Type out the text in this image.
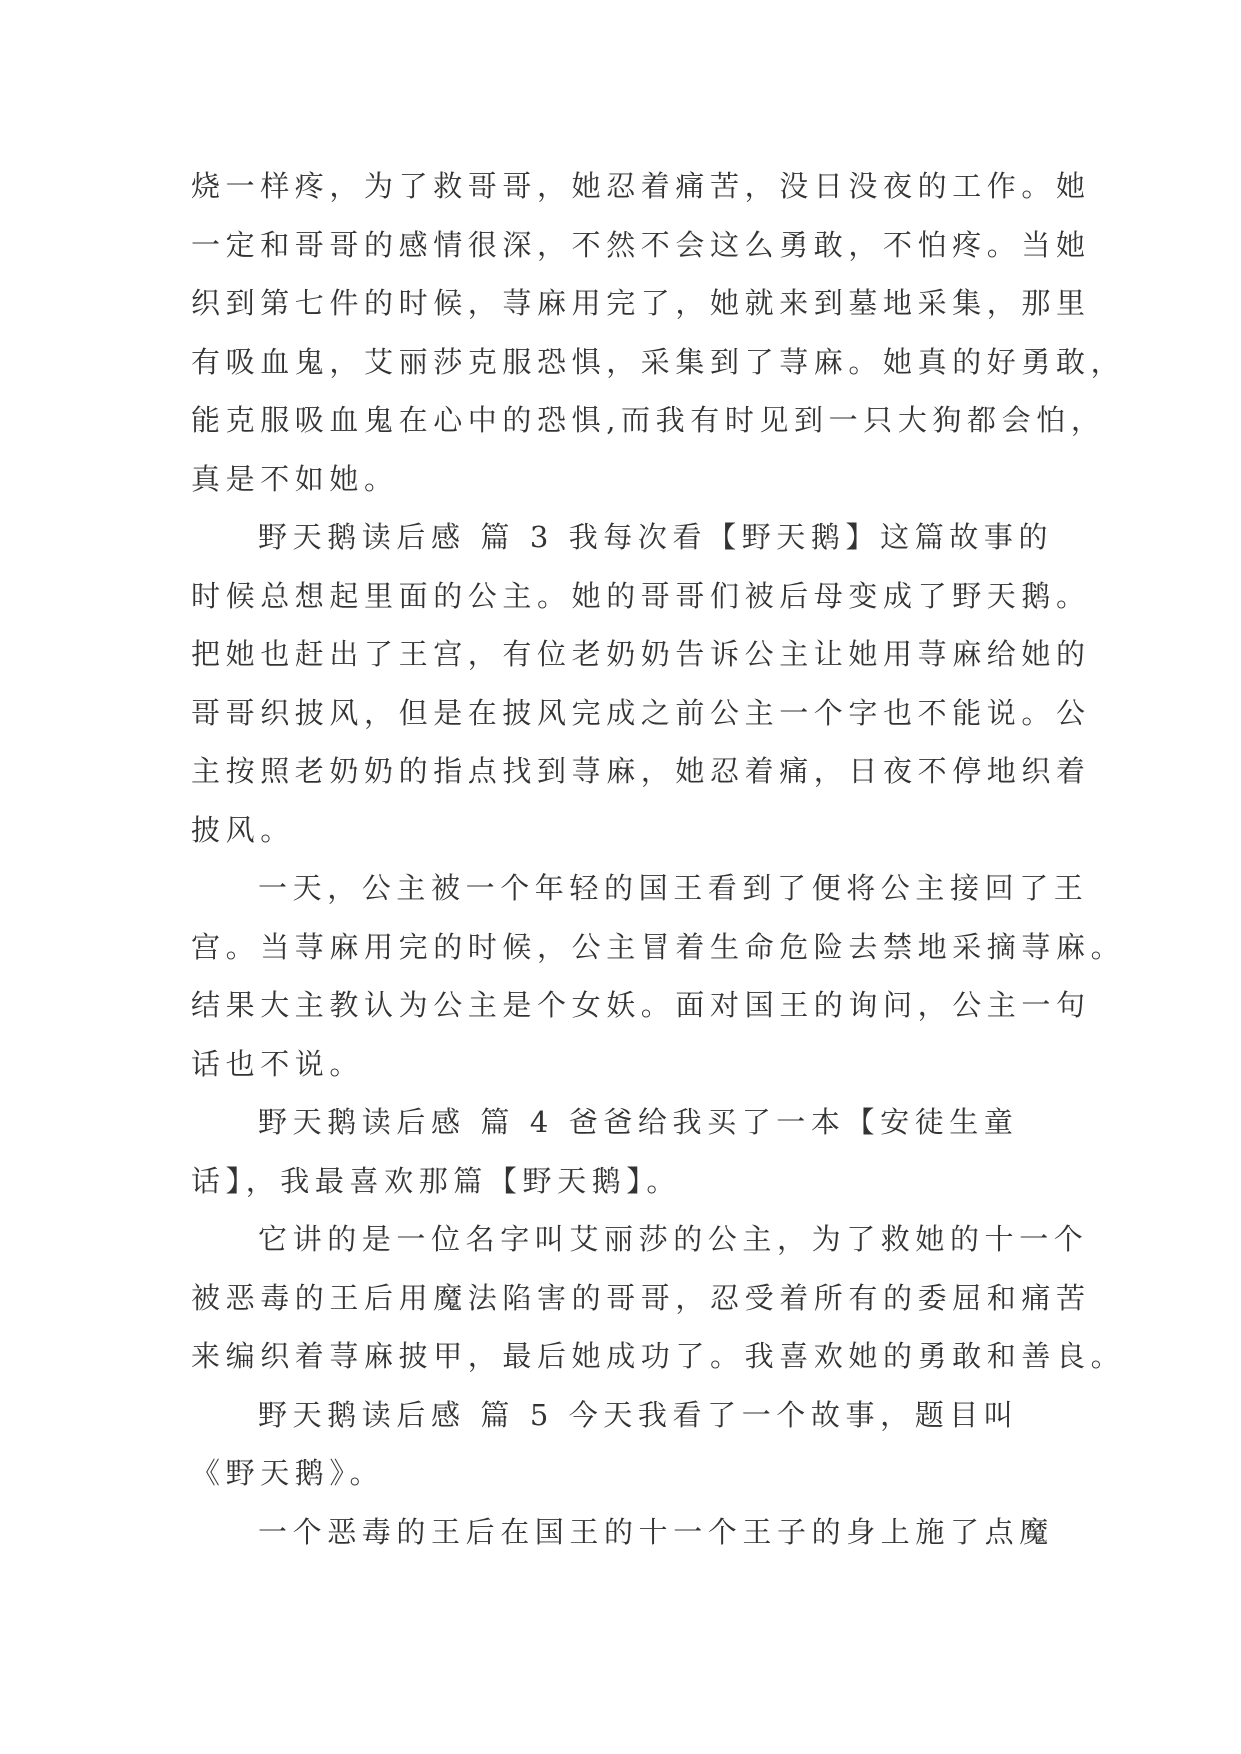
烧一样疼，为了救哥哥，她忍着痛苦，没日没夜的工作。她
一定和哥哥的感情很深，不然不会这么勇敢，不怕疼。当她
织到第七件的时候，荨麻用完了，她就来到墓地采集，那里
有吸血鬼，艾丽莎克服恐惧，采集到了荨麻。她真的好勇敢，
能克服吸血鬼在心中的恐惧,而我有时见到一只大狗都会怕，
真是不如她。
野天鹅读后感 篇 3 我每次看【野天鹅】这篇故事的
时候总想起里面的公主。她的哥哥们被后母变成了野天鹅。
把她也赶出了王宫，有位老奶奶告诉公主让她用荨麻给她的
哥哥织披风，但是在披风完成之前公主一个字也不能说。公
主按照老奶奶的指点找到荨麻，她忍着痛，日夜不停地织着
披风。
一天，公主被一个年轻的国王看到了便将公主接回了王
宫。当荨麻用完的时候，公主冒着生命危险去禁地采摘荨麻。
结果大主教认为公主是个女妖。面对国王的询问，公主一句
话也不说。
野天鹅读后感 篇 4 爸爸给我买了一本【安徒生童
话】，我最喜欢那篇【野天鹅】。
它讲的是一位名字叫艾丽莎的公主，为了救她的十一个
被恶毒的王后用魔法陷害的哥哥，忍受着所有的委屈和痛苦
来编织着荨麻披甲，最后她成功了。我喜欢她的勇敢和善良。
野天鹅读后感 篇 5 今天我看了一个故事，题目叫
《野天鹅》。
一个恶毒的王后在国王的十一个王子的身上施了点魔
